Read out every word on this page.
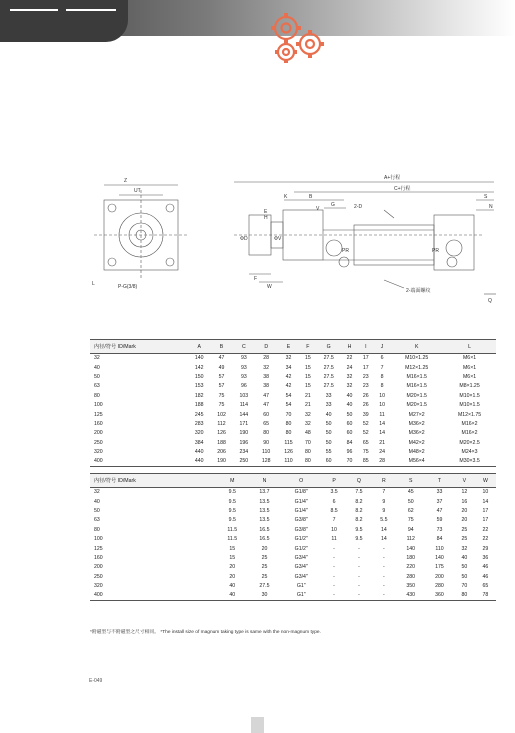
Z
UT
L	P-G(3/8)
A+行程
C+行程
B
K
G
V	2-D
S
N
ΦD	ΦV
H
E
W
F
PR	PR
2-端面螺纹
Q
内径/符号 ID/Mark	A	B	C	D	E	F	G	H	I	J	K	L
32	140	47	93	28	32	15	27.5	22	17	6	M10×1.25	M6×1
40	142	49	93	32	34	15	27.5	24	17	7	M12×1.25	M6×1
50	150	57	93	38	42	15	27.5	32	23	8	M16×1.5	M6×1
63	153	57	96	38	42	15	27.5	32	23	8	M16×1.5	M8×1.25
80	182	75	103	47	54	21	33	40	26	10	M20×1.5	M10×1.5
100	188	75	114	47	54	21	33	40	26	10	M20×1.5	M10×1.5
125	245	102	144	60	70	32	40	50	39	11	M27×2	M12×1.75
160	283	112	171	65	80	32	50	60	52	14	M36×2	M16×2
200	320	126	190	80	80	48	50	60	52	14	M36×2	M16×2
250	384	188	196	90	115	70	50	84	65	21	M42×2	M20×2.5
320	440	206	234	110	126	80	55	96	75	24	M48×2	M24×3
400	440	190	250	128	110	80	60	70	85	28	M56×4	M30×3.5
内径/符号 ID/Mark	M	N	O	P	Q	R	S	T	V	W
32	9.5	13.7	G1/8"	3.5	7.5	7	45	33	12	10
40	9.5	13.5	G1/4"	6	8.2	9	50	37	16	14
50	9.5	13.5	G1/4"	8.5	8.2	9	62	47	20	17
63	9.5	13.5	G3/8"	7	8.2	5.5	75	59	20	17
80	11.5	16.5	G3/8"	10	9.5	14	94	73	25	22
100	11.5	16.5	G1/2"	11	9.5	14	112	84	25	22
125	15	20	G1/2"	-	-	-	140	110	32	29
160	15	25	G3/4"	-	-	-	180	140	40	36
200	20	25	G3/4"	-	-	-	220	175	50	46
250	20	25	G3/4"	-	-	-	280	200	50	46
320	40	27.5	G1"	-	-	-	350	280	70	65
400	40	30	G1"	-	-	-	430	360	80	78
*附磁型与不附磁型之尺寸相同。 *The install size of magnum taking type is same with the non-magnum type.
E-049
